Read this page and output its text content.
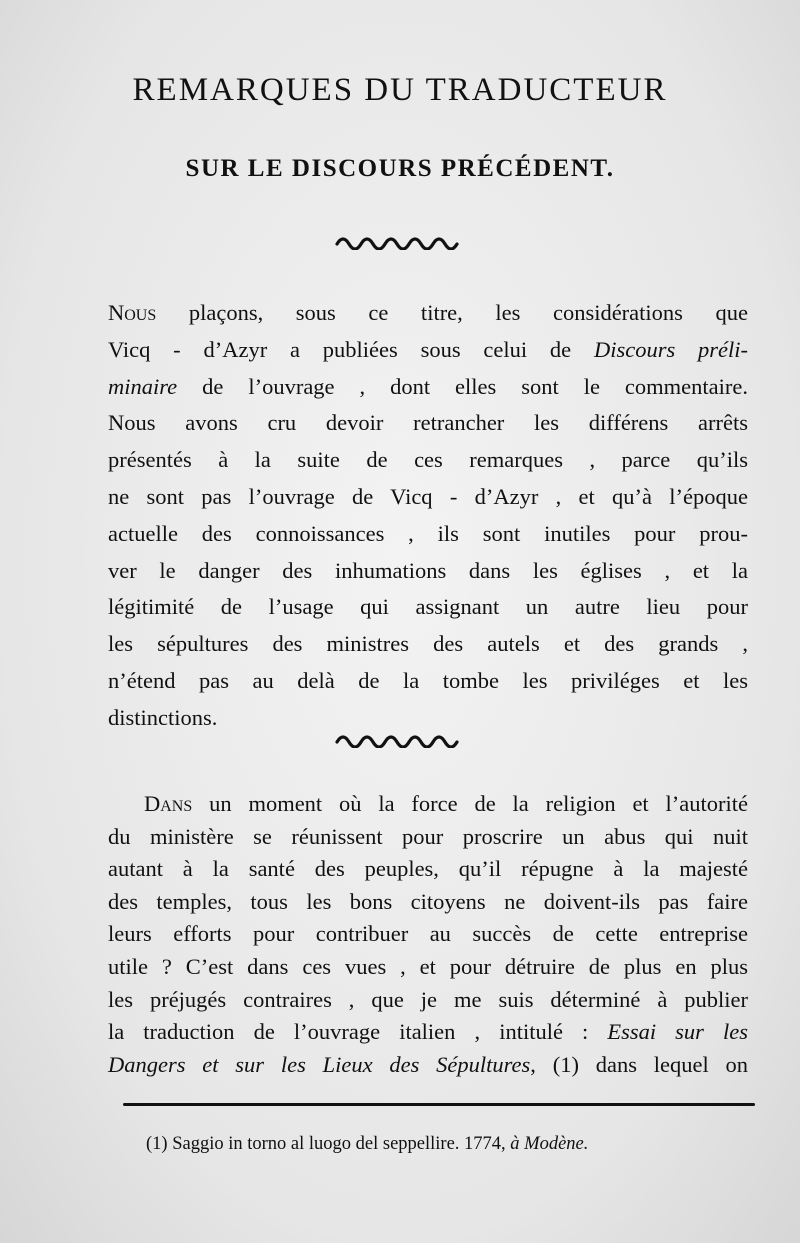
REMARQUES DU TRADUCTEUR
SUR LE DISCOURS PRÉCÉDENT.
Nous plaçons, sous ce titre, les considérations que
Vicq - d’Azyr a publiées sous celui de Discours préli-
minaire de l’ouvrage , dont elles sont le commentaire.
Nous avons cru devoir retrancher les différens arrêts
présentés à la suite de ces remarques , parce qu’ils
ne sont pas l’ouvrage de Vicq - d’Azyr , et qu’à l’époque
actuelle des connoissances , ils sont inutiles pour prou-
ver le danger des inhumations dans les églises , et la
légitimité de l’usage qui assignant un autre lieu pour
les sépultures des ministres des autels et des grands ,
n’étend pas au delà de la tombe les priviléges et les
distinctions.
Dans un moment où la force de la religion et l’autorité
du ministère se réunissent pour proscrire un abus qui nuit
autant à la santé des peuples, qu’il répugne à la majesté
des temples, tous les bons citoyens ne doivent-ils pas faire
leurs efforts pour contribuer au succès de cette entreprise
utile ? C’est dans ces vues , et pour détruire de plus en plus
les préjugés contraires , que je me suis déterminé à publier
la traduction de l’ouvrage italien , intitulé : Essai sur les
Dangers et sur les Lieux des Sépultures, (1) dans lequel on

(1) Saggio in torno al luogo del seppellire. 1774, à Modène.
